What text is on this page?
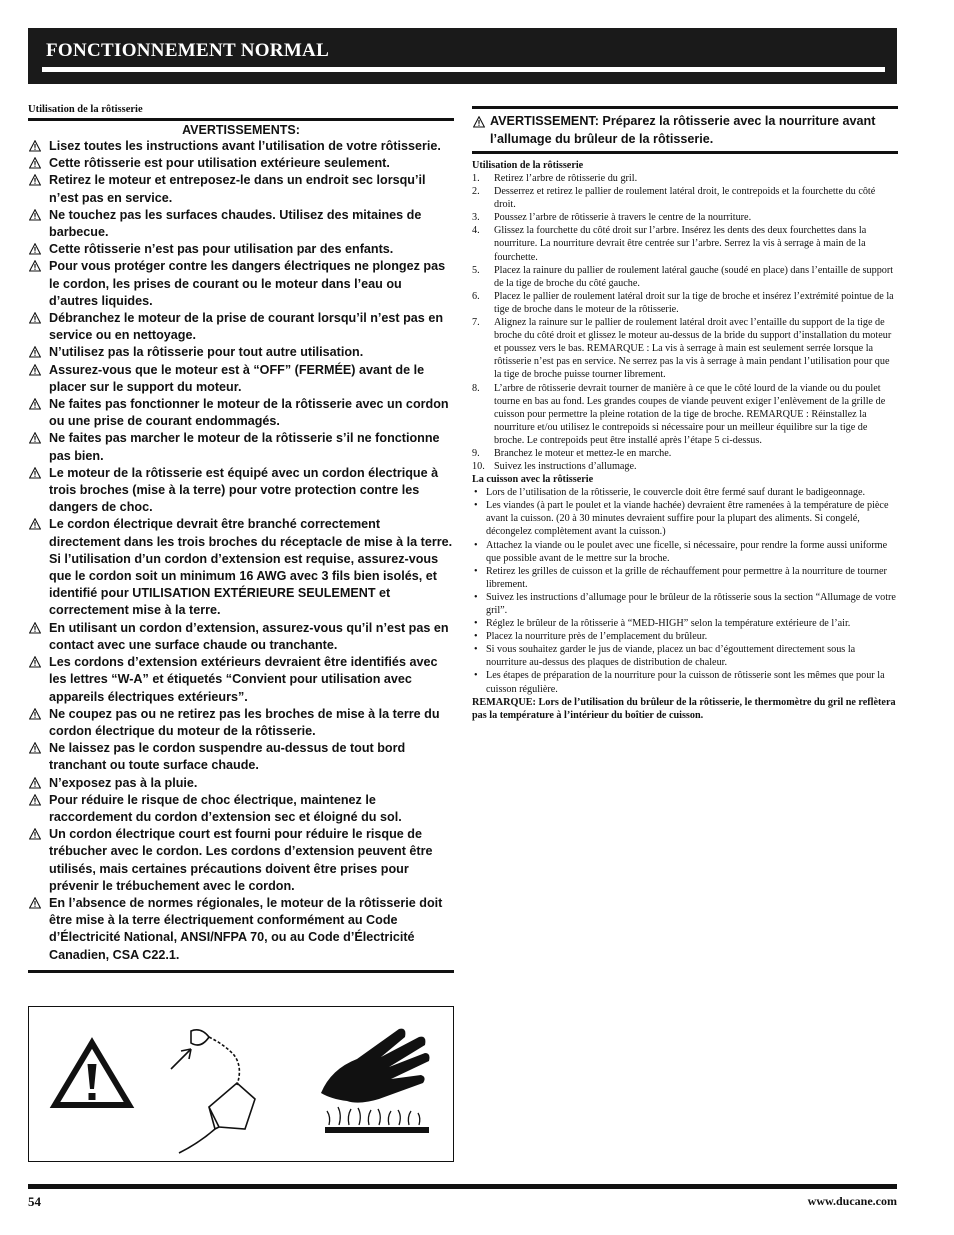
FONCTIONNEMENT NORMAL
Utilisation de la rôtisserie
AVERTISSEMENTS:
Lisez toutes les instructions avant l’utilisation de votre rôtisserie.
Cette rôtisserie est pour utilisation extérieure seulement.
Retirez le moteur et entreposez-le dans un endroit sec lorsqu’il n’est pas en service.
Ne touchez pas les surfaces chaudes. Utilisez des mitaines de barbecue.
Cette rôtisserie n’est pas pour utilisation par des enfants.
Pour vous protéger contre les dangers électriques ne plongez pas le cordon, les prises de courant ou le moteur dans l’eau ou d’autres liquides.
Débranchez le moteur de la prise de courant lorsqu’il n’est pas en service ou en nettoyage.
N’utilisez pas la rôtisserie pour tout autre utilisation.
Assurez-vous que le moteur est à “OFF” (FERMÉE) avant de le placer sur le support du moteur.
Ne faites pas fonctionner le moteur de la rôtisserie avec un cordon ou une prise de courant endommagés.
Ne faites pas marcher le moteur de la rôtisserie s’il ne fonctionne pas bien.
Le moteur de la rôtisserie est équipé avec un cordon électrique à trois broches (mise à la terre) pour votre protection contre les dangers de choc.
Le cordon électrique devrait être branché correctement directement dans les trois broches du réceptacle de mise à la terre. Si l’utilisation d’un cordon d’extension est requise, assurez-vous que le cordon soit un minimum 16 AWG avec 3 fils bien isolés, et identifié pour UTILISATION EXTÉRIEURE SEULEMENT et correctement mise à la terre.
En utilisant un cordon d’extension, assurez-vous qu’il n’est pas en contact avec une surface chaude ou tranchante.
Les cordons d’extension extérieurs devraient être identifiés avec les lettres “W-A” et étiquetés “Convient pour utilisation avec appareils électriques extérieurs”.
Ne coupez pas ou ne retirez pas les broches de mise à la terre du cordon électrique du moteur de la rôtisserie.
Ne laissez pas le cordon suspendre au-dessus de tout bord tranchant ou toute surface chaude.
N’exposez pas à la pluie.
Pour réduire le risque de choc électrique, maintenez le raccordement du cordon d’extension sec et éloigné du sol.
Un cordon électrique court est fourni pour réduire le risque de trébucher avec le cordon. Les cordons d’extension peuvent être utilisés, mais certaines précautions doivent être prises pour prévenir le trébuchement avec le cordon.
En l’absence de normes régionales, le moteur de la rôtisserie doit être mise à la terre électriquement conformément au Code d’Électricité National, ANSI/NFPA 70, ou au Code d’Électricité Canadien, CSA C22.1.
AVERTISSEMENT: Préparez la rôtisserie avec la nourriture avant l’allumage du brûleur de la rôtisserie.
Utilisation de la rôtisserie
1. Retirez l’arbre de rôtisserie du gril.
2. Desserrez et retirez le pallier de roulement latéral droit, le contrepoids et la fourchette du côté droit.
3. Poussez l’arbre de rôtisserie à travers le centre de la nourriture.
4. Glissez la fourchette du côté droit sur l’arbre. Insérez les dents des deux fourchettes dans la nourriture. La nourriture devrait être centrée sur l’arbre. Serrez la vis à serrage à main de la fourchette.
5. Placez la rainure du pallier de roulement latéral gauche (soudé en place) dans l’entaille de support de la tige de broche du côté gauche.
6. Placez le pallier de roulement latéral droit sur la tige de broche et insérez l’extrémité pointue de la tige de broche dans le moteur de la rôtisserie.
7. Alignez la rainure sur le pallier de roulement latéral droit avec l’entaille du support de la tige de broche du côté droit et glissez le moteur au-dessus de la bride du support d’installation du moteur et poussez vers le bas. REMARQUE : La vis à serrage à main est seulement serrée lorsque la rôtisserie n’est pas en service. Ne serrez pas la vis à serrage à main pendant l’utilisation pour que la tige de broche puisse tourner librement.
8. L’arbre de rôtisserie devrait tourner de manière à ce que le côté lourd de la viande ou du poulet tourne en bas au fond. Les grandes coupes de viande peuvent exiger l’enlèvement de la grille de cuisson pour permettre la pleine rotation de la tige de broche. REMARQUE : Réinstallez la nourriture et/ou utilisez le contrepoids si nécessaire pour un meilleur équilibre sur la tige de broche. Le contrepoids peut être installé après l’étape 5 ci-dessus.
9. Branchez le moteur et mettez-le en marche.
10. Suivez les instructions d’allumage.
La cuisson avec la rôtisserie
• Lors de l’utilisation de la rôtisserie, le couvercle doit être fermé sauf durant le badigeonnage.
• Les viandes (à part le poulet et la viande hachée) devraient être ramenées à la température de pièce avant la cuisson. (20 à 30 minutes devraient suffire pour la plupart des aliments. Si congelé, décongelez complètement avant la cuisson.)
• Attachez la viande ou le poulet avec une ficelle, si nécessaire, pour rendre la forme aussi uniforme que possible avant de le mettre sur la broche.
• Retirez les grilles de cuisson et la grille de réchauffement pour permettre à la nourriture de tourner librement.
• Suivez les instructions d’allumage pour le brûleur de la rôtisserie sous la section “Allumage de votre gril”.
• Réglez le brûleur de la rôtisserie à “MED-HIGH” selon la température extérieure de l’air.
• Placez la nourriture près de l’emplacement du brûleur.
• Si vous souhaitez garder le jus de viande, placez un bac d’égouttement directement sous la nourriture au-dessus des plaques de distribution de chaleur.
• Les étapes de préparation de la nourriture pour la cuisson de rôtisserie sont les mêmes que pour la cuisson régulière.
REMARQUE: Lors de l’utilisation du brûleur de la rôtisserie, le thermomètre du gril ne reflètera pas la température à l’intérieur du boîtier de cuisson.
54	www.ducane.com
